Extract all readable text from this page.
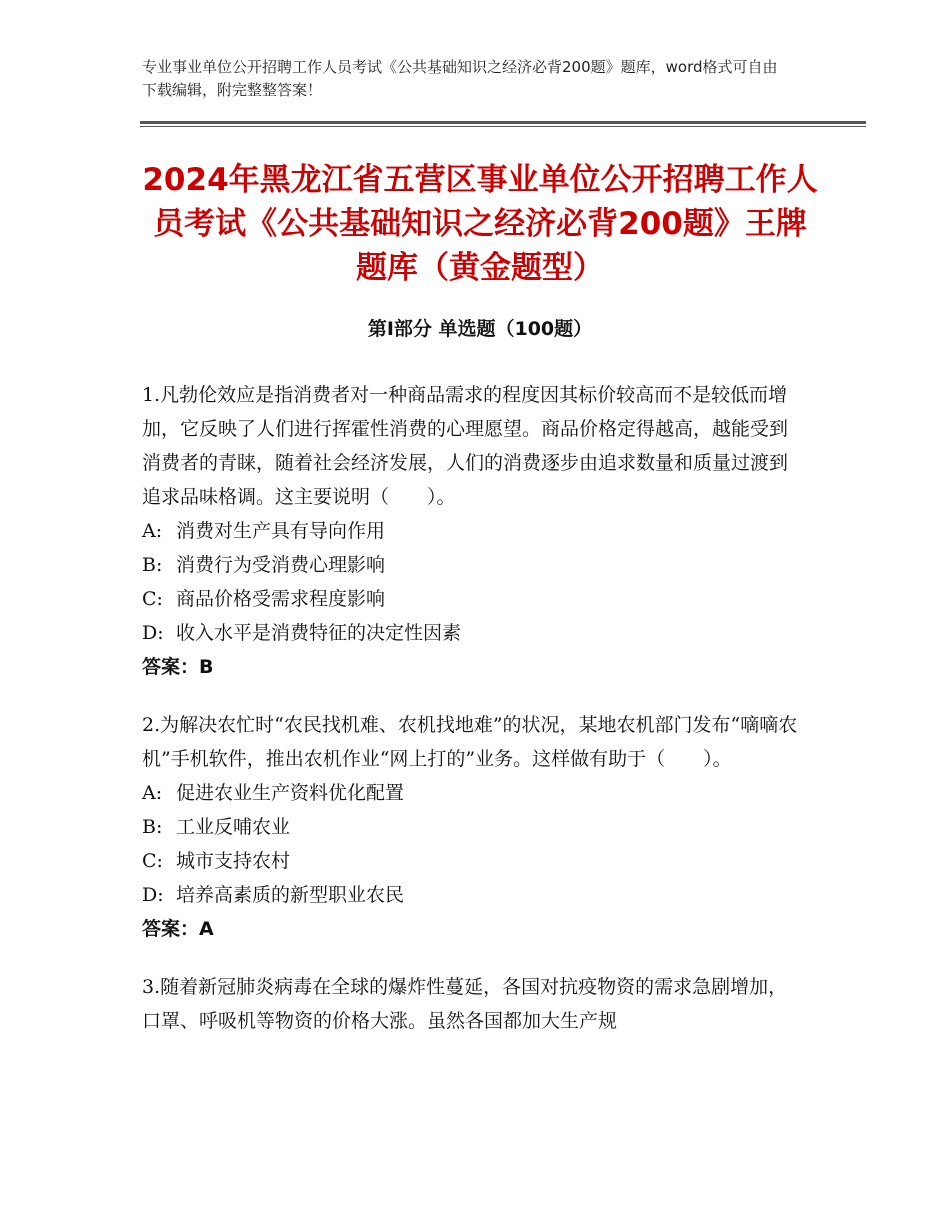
专业事业单位公开招聘工作人员考试《公共基础知识之经济必背200题》题库，word格式可自由下载编辑，附完整整答案！
2024年黑龙江省五营区事业单位公开招聘工作人员考试《公共基础知识之经济必背200题》王牌题库（黄金题型）
第Ⅰ部分 单选题（100题）

1.凡勃伦效应是指消费者对一种商品需求的程度因其标价较高而不是较低而增加，它反映了人们进行挥霍性消费的心理愿望。商品价格定得越高，越能受到消费者的青睐，随着社会经济发展，人们的消费逐步由追求数量和质量过渡到追求品味格调。这主要说明（　　）。

A: 消费对生产具有导向作用
B: 消费行为受消费心理影响
C: 商品价格受需求程度影响
D: 收入水平是消费特征的决定性因素
答案：B

2.为解决农忙时“农民找机难、农机找地难”的状况，某地农机部门发布“嘀嘀农机”手机软件，推出农机作业“网上打的”业务。这样做有助于（　　）。

A: 促进农业生产资料优化配置
B: 工业反哺农业
C: 城市支持农村
D: 培养高素质的新型职业农民
答案：A

3.随着新冠肺炎病毒在全球的爆炸性蔓延，各国对抗疫物资的需求急剧增加，口罩、呼吸机等物资的价格大涨。虽然各国都加大生产规
